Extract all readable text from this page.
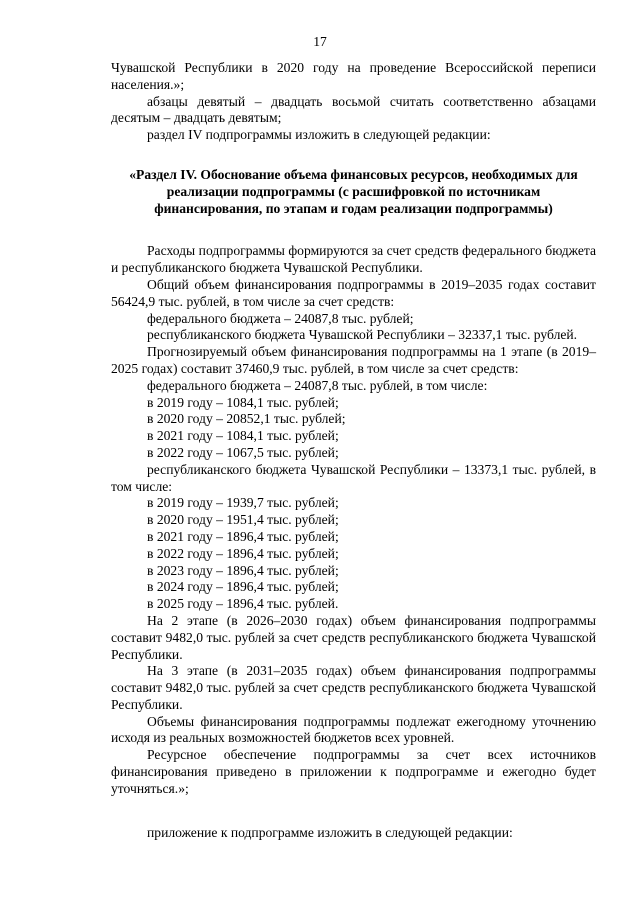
17

Чувашской Республики в 2020 году на проведение Всероссийской переписи населения.»;

абзацы девятый – двадцать восьмой считать соответственно абзацами десятым – двадцать девятым;

раздел IV подпрограммы изложить в следующей редакции:

«Раздел IV. Обоснование объема финансовых ресурсов, необходимых для реализации подпрограммы (с расшифровкой по источникам финансирования, по этапам и годам реализации подпрограммы)

Расходы подпрограммы формируются за счет средств федерального бюджета и республиканского бюджета Чувашской Республики.

Общий объем финансирования подпрограммы в 2019–2035 годах составит 56424,9 тыс. рублей, в том числе за счет средств:

федерального бюджета – 24087,8 тыс. рублей;

республиканского бюджета Чувашской Республики – 32337,1 тыс. рублей.

Прогнозируемый объем финансирования подпрограммы на 1 этапе (в 2019–2025 годах) составит 37460,9 тыс. рублей, в том числе за счет средств:

федерального бюджета – 24087,8 тыс. рублей, в том числе:

в 2019 году – 1084,1 тыс. рублей;

в 2020 году – 20852,1 тыс. рублей;

в 2021 году – 1084,1 тыс. рублей;

в 2022 году – 1067,5 тыс. рублей;

республиканского бюджета Чувашской Республики – 13373,1 тыс. рублей, в том числе:

в 2019 году – 1939,7 тыс. рублей;

в 2020 году – 1951,4 тыс. рублей;

в 2021 году – 1896,4 тыс. рублей;

в 2022 году – 1896,4 тыс. рублей;

в 2023 году – 1896,4 тыс. рублей;

в 2024 году – 1896,4 тыс. рублей;

в 2025 году – 1896,4 тыс. рублей.

На 2 этапе (в 2026–2030 годах) объем финансирования подпрограммы составит 9482,0 тыс. рублей за счет средств республиканского бюджета Чувашской Республики.

На 3 этапе (в 2031–2035 годах) объем финансирования подпрограммы составит 9482,0 тыс. рублей за счет средств республиканского бюджета Чувашской Республики.

Объемы финансирования подпрограммы подлежат ежегодному уточнению исходя из реальных возможностей бюджетов всех уровней.

Ресурсное обеспечение подпрограммы за счет всех источников финансирования приведено в приложении к подпрограмме и ежегодно будет уточняться.»;

приложение к подпрограмме изложить в следующей редакции:
